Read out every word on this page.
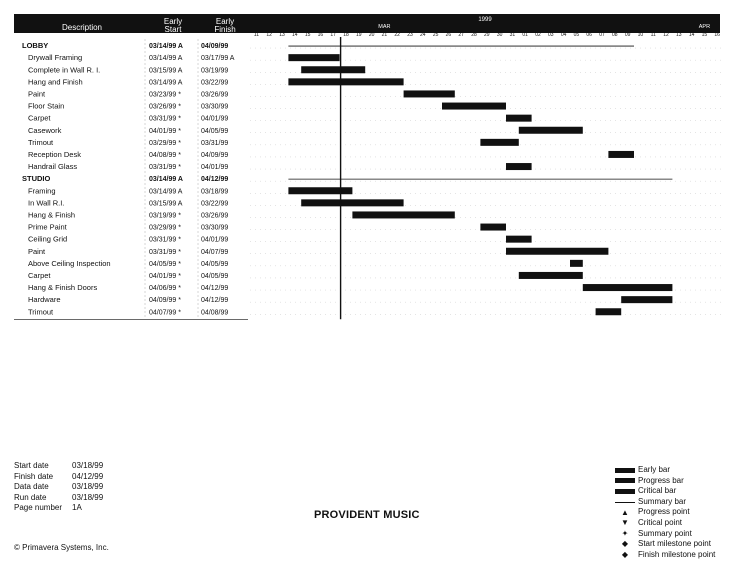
Description
Early
Start
Early
Finish
1999
MAR	APR
11 12 13 14 15 16 17 18 19 20 21 22 23 24 25 26 27 28 29 30 31 01 02 03 04 05 06 07 08 09 10 11 12 13 14 15 16
LOBBY	03/14/99 A	04/09/99
Drywall Framing	03/14/99 A	03/17/99 A
Complete in Wall R. I.	03/15/99 A	03/19/99
Hang and Finish	03/14/99 A	03/22/99
Paint	03/23/99 *	03/26/99
Floor Stain	03/26/99 *	03/30/99
Carpet	03/31/99 *	04/01/99
Casework	04/01/99 *	04/05/99
Trimout	03/29/99 *	03/31/99
Reception Desk	04/08/99 *	04/09/99
Handrail Glass	03/31/99 *	04/01/99
STUDIO	03/14/99 A	04/12/99
Framing	03/14/99 A	03/18/99
In Wall R.I.	03/15/99 A	03/22/99
Hang & Finish	03/19/99 *	03/26/99
Prime Paint	03/29/99 *	03/30/99
Ceiling Grid	03/31/99 *	04/01/99
Paint	03/31/99 *	04/07/99
Above Ceiling Inspection	04/05/99 *	04/05/99
Carpet	04/01/99 *	04/05/99
Hang & Finish Doors	04/06/99 *	04/12/99
Hardware	04/09/99 *	04/12/99
Trimout	04/07/99 *	04/08/99
Start date	03/18/99
Finish date	04/12/99
Data date	03/18/99
Run date	03/18/99
Page number	1A
PROVIDENT MUSIC
© Primavera Systems, Inc.
Early bar
Progress bar
Critical bar
Summary bar
▲ Progress point
▼ Critical point
✦ Summary point
◆ Start milestone point
◆ Finish milestone point
